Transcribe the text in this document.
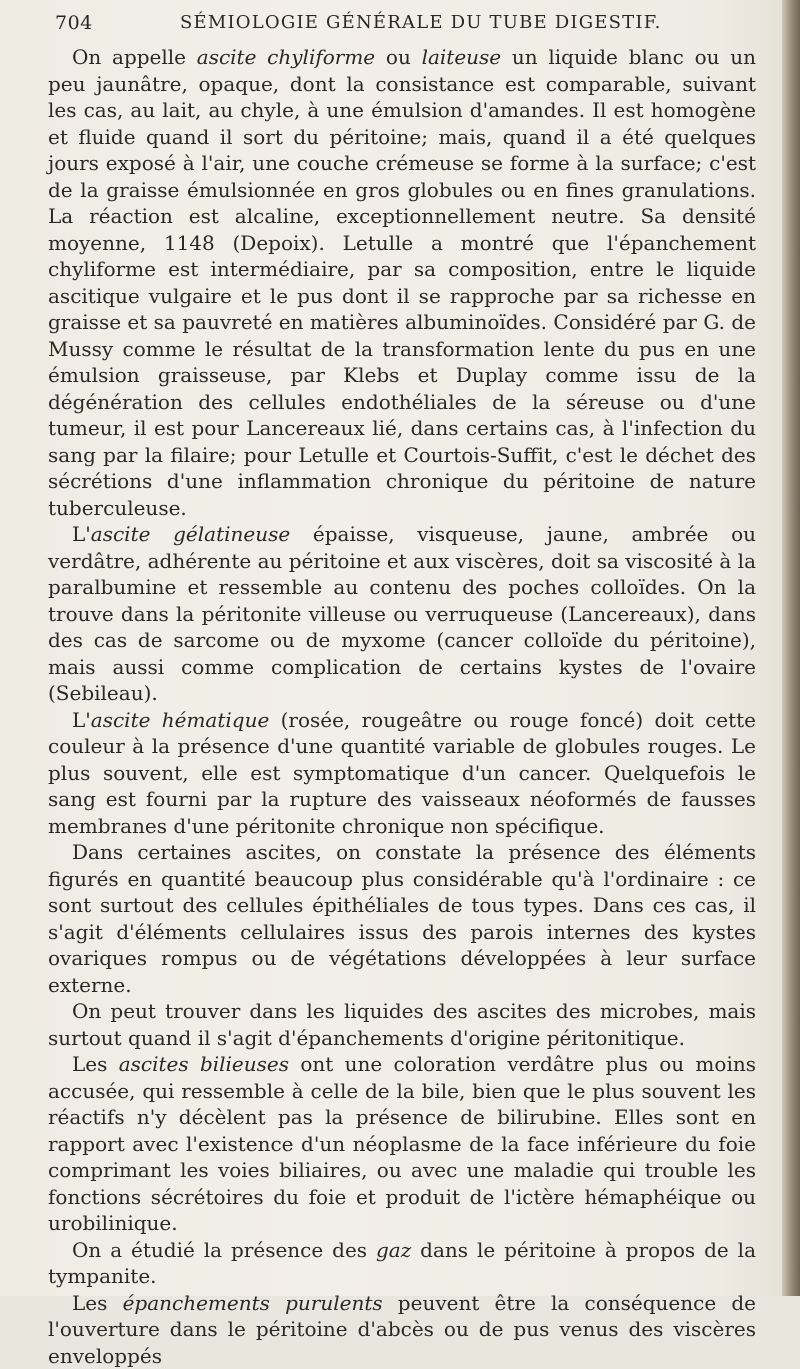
704	SÉMIOLOGIE GÉNÉRALE DU TUBE DIGESTIF.

On appelle ascite chyliforme ou laiteuse un liquide blanc ou un peu jaunâtre, opaque, dont la consistance est comparable, suivant les cas, au lait, au chyle, à une émulsion d'amandes. Il est homogène et fluide quand il sort du péritoine; mais, quand il a été quelques jours exposé à l'air, une couche crémeuse se forme à la surface; c'est de la graisse émulsionnée en gros globules ou en fines granulations. La réaction est alcaline, exceptionnellement neutre. Sa densité moyenne, 1148 (Depoix). Letulle a montré que l'épanchement chyliforme est intermédiaire, par sa composition, entre le liquide ascitique vulgaire et le pus dont il se rapproche par sa richesse en graisse et sa pauvreté en matières albuminoïdes. Considéré par G. de Mussy comme le résultat de la transformation lente du pus en une émulsion graisseuse, par Klebs et Duplay comme issu de la dégénération des cellules endothéliales de la séreuse ou d'une tumeur, il est pour Lancereaux lié, dans certains cas, à l'infection du sang par la filaire; pour Letulle et Courtois-Suffit, c'est le déchet des sécrétions d'une inflammation chronique du péritoine de nature tuberculeuse.

L'ascite gélatineuse épaisse, visqueuse, jaune, ambrée ou verdâtre, adhérente au péritoine et aux viscères, doit sa viscosité à la paralbumine et ressemble au contenu des poches colloïdes. On la trouve dans la péritonite villeuse ou verruqueuse (Lancereaux), dans des cas de sarcome ou de myxome (cancer colloïde du péritoine), mais aussi comme complication de certains kystes de l'ovaire (Sebileau).

L'ascite hématique (rosée, rougeâtre ou rouge foncé) doit cette couleur à la présence d'une quantité variable de globules rouges. Le plus souvent, elle est symptomatique d'un cancer. Quelquefois le sang est fourni par la rupture des vaisseaux néoformés de fausses membranes d'une péritonite chronique non spécifique.

Dans certaines ascites, on constate la présence des éléments figurés en quantité beaucoup plus considérable qu'à l'ordinaire : ce sont surtout des cellules épithéliales de tous types. Dans ces cas, il s'agit d'éléments cellulaires issus des parois internes des kystes ovariques rompus ou de végétations développées à leur surface externe.

On peut trouver dans les liquides des ascites des microbes, mais surtout quand il s'agit d'épanchements d'origine péritonitique.

Les ascites bilieuses ont une coloration verdâtre plus ou moins accusée, qui ressemble à celle de la bile, bien que le plus souvent les réactifs n'y décèlent pas la présence de bilirubine. Elles sont en rapport avec l'existence d'un néoplasme de la face inférieure du foie comprimant les voies biliaires, ou avec une maladie qui trouble les fonctions sécrétoires du foie et produit de l'ictère hémaphéique ou urobilinique.

On a étudié la présence des gaz dans le péritoine à propos de la tympanite.

Les épanchements purulents peuvent être la conséquence de l'ouverture dans le péritoine d'abcès ou de pus venus des viscères enveloppés
